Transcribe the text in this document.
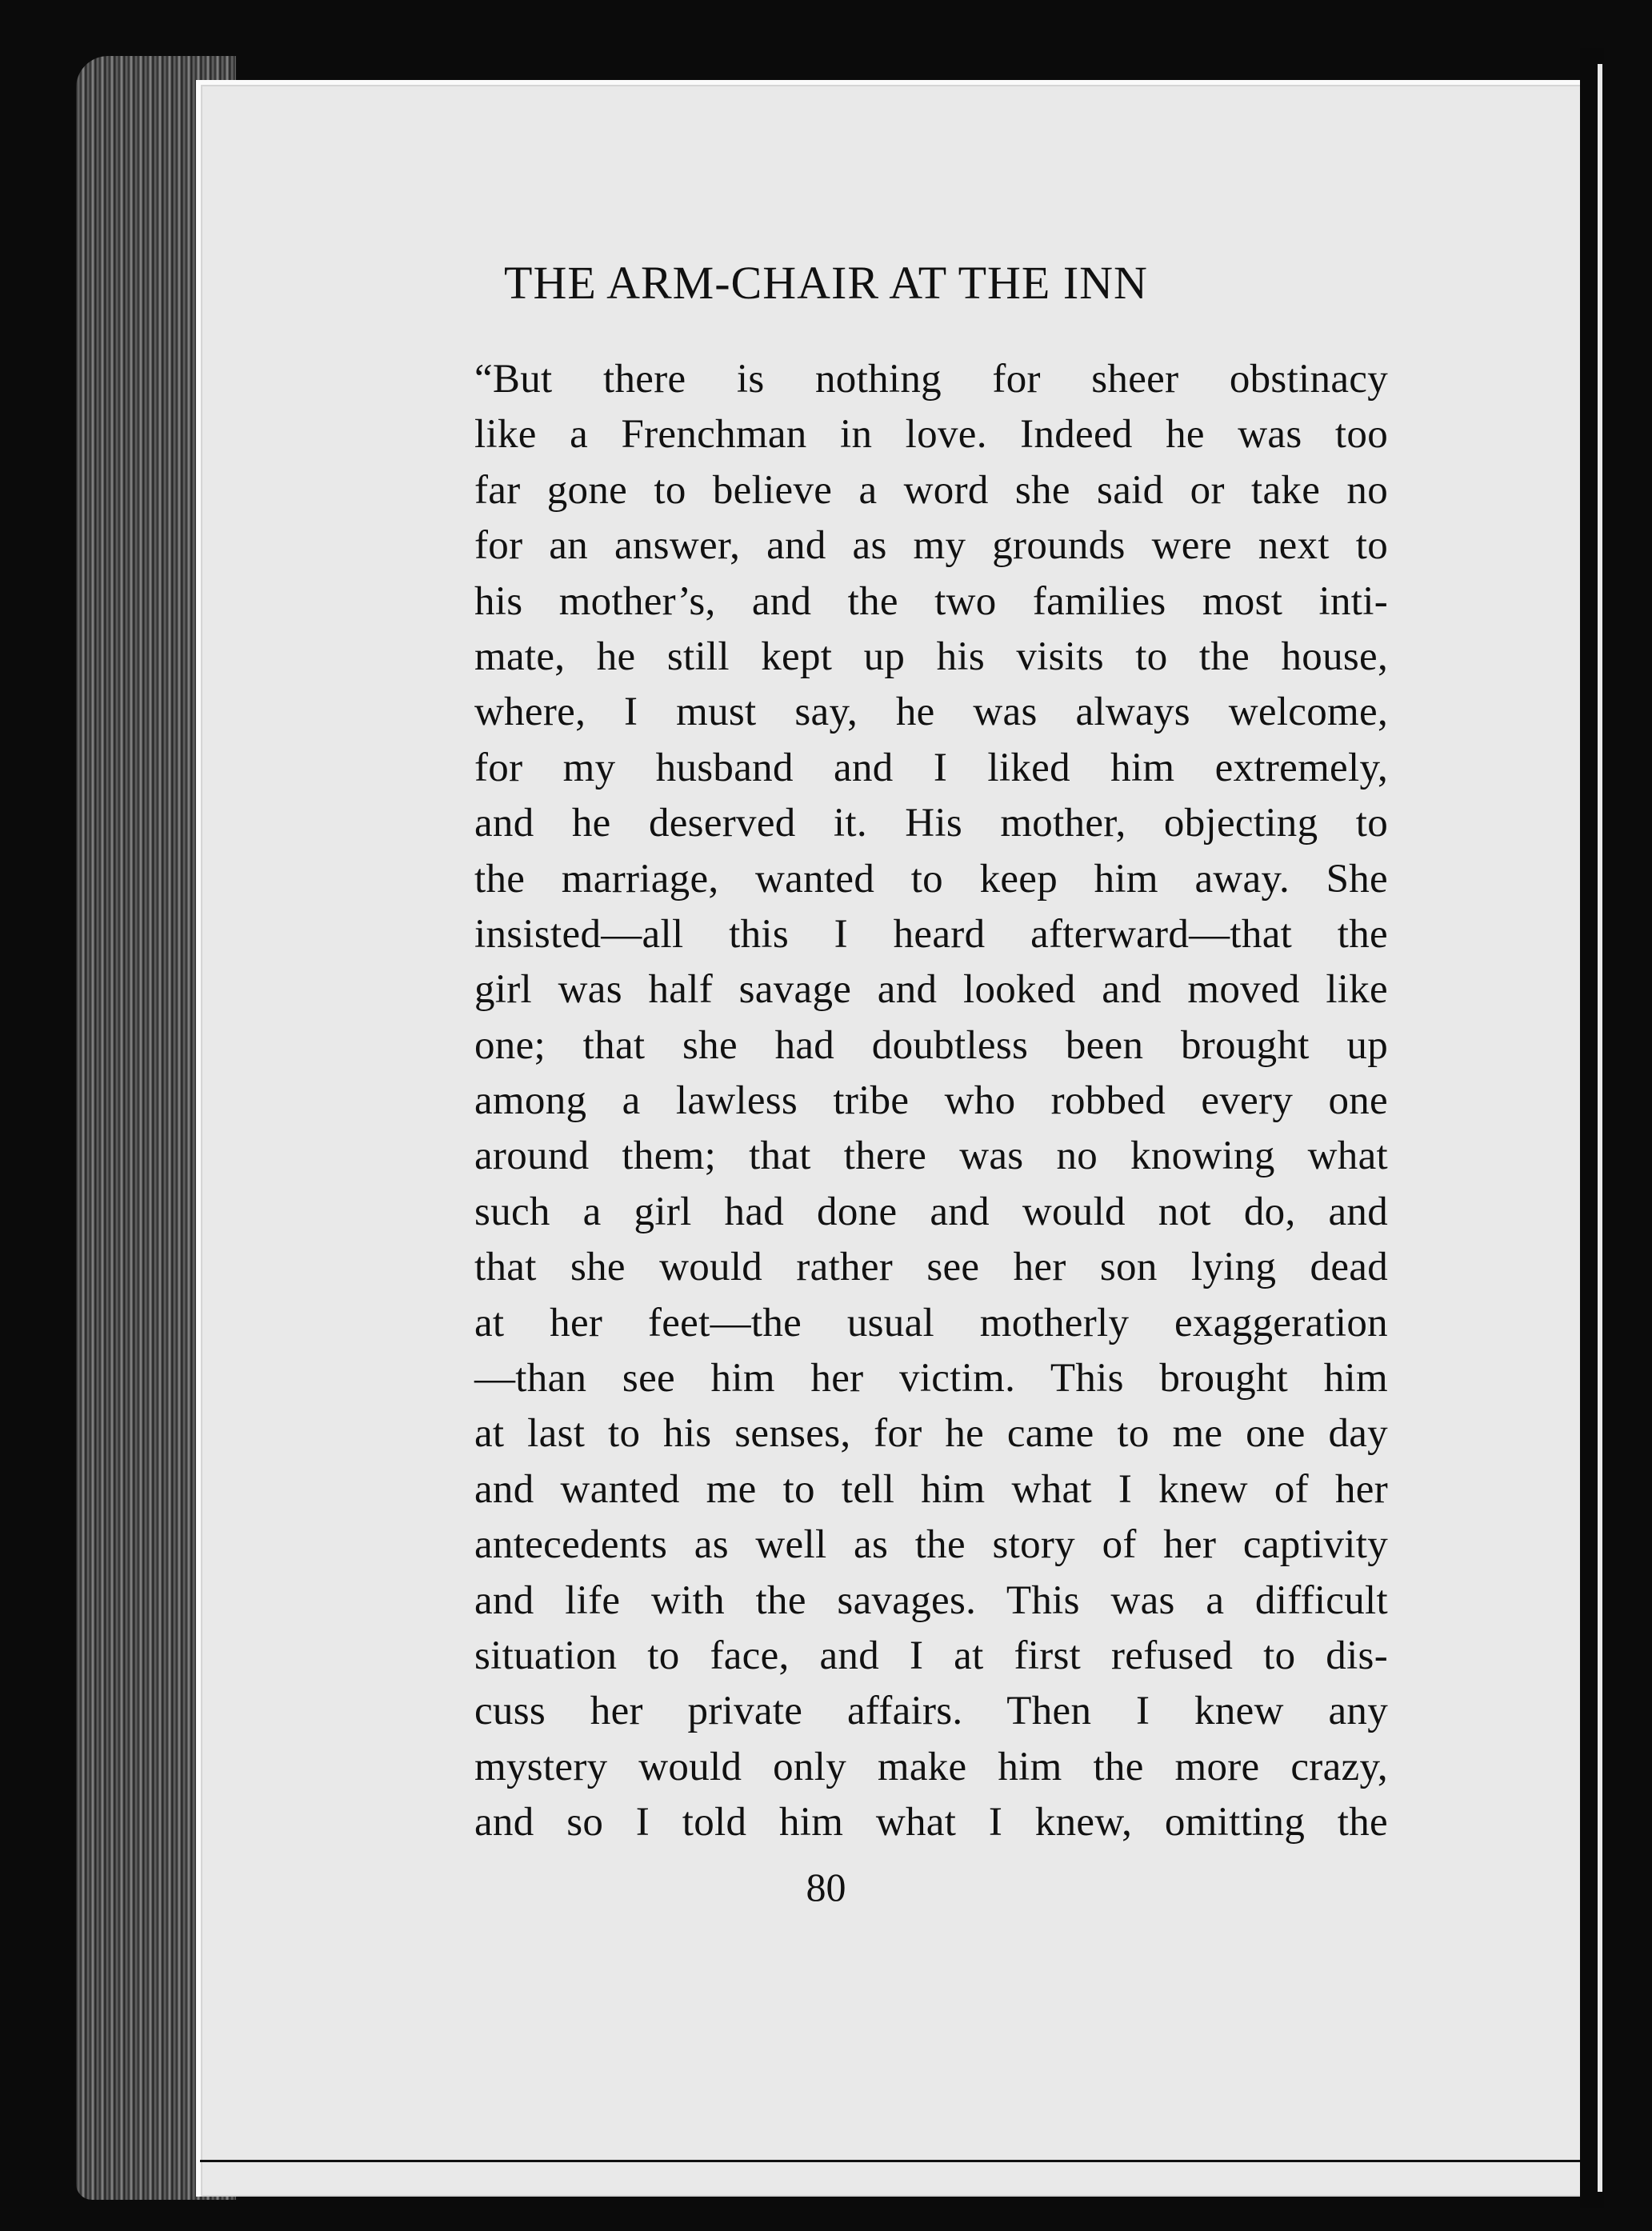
THE ARM-CHAIR AT THE INN
“But there is nothing for sheer obstinacy
like a Frenchman in love. Indeed he was too
far gone to believe a word she said or take no
for an answer, and as my grounds were next to
his mother’s, and the two families most inti-
mate, he still kept up his visits to the house,
where, I must say, he was always welcome,
for my husband and I liked him extremely,
and he deserved it. His mother, objecting to
the marriage, wanted to keep him away. She
insisted—all this I heard afterward—that the
girl was half savage and looked and moved like
one; that she had doubtless been brought up
among a lawless tribe who robbed every one
around them; that there was no knowing what
such a girl had done and would not do, and
that she would rather see her son lying dead
at her feet—the usual motherly exaggeration
—than see him her victim. This brought him
at last to his senses, for he came to me one day
and wanted me to tell him what I knew of her
antecedents as well as the story of her captivity
and life with the savages. This was a difficult
situation to face, and I at first refused to dis-
cuss her private affairs. Then I knew any
mystery would only make him the more crazy,
and so I told him what I knew, omitting the
80
